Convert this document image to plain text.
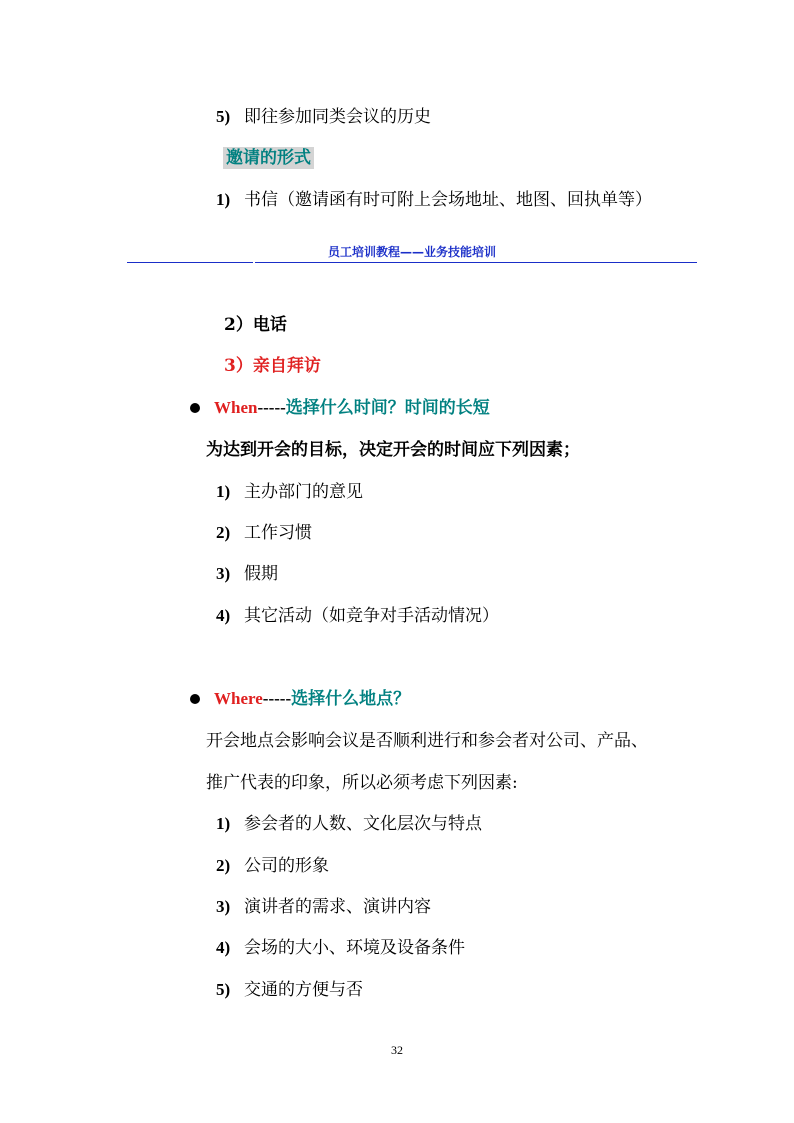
5) 即往参加同类会议的历史
邀请的形式
1) 书信（邀请函有时可附上会场地址、地图、回执单等）
员工培训教程——业务技能培训
2）电话
3）亲自拜访
When-----选择什么时间？时间的长短
为达到开会的目标，决定开会的时间应下列因素；
1) 主办部门的意见
2) 工作习惯
3) 假期
4) 其它活动（如竞争对手活动情况）
Where-----选择什么地点？
开会地点会影响会议是否顺利进行和参会者对公司、产品、
推广代表的印象，所以必须考虑下列因素:
1) 参会者的人数、文化层次与特点
2) 公司的形象
3) 演讲者的需求、演讲内容
4) 会场的大小、环境及设备条件
5) 交通的方便与否
32
